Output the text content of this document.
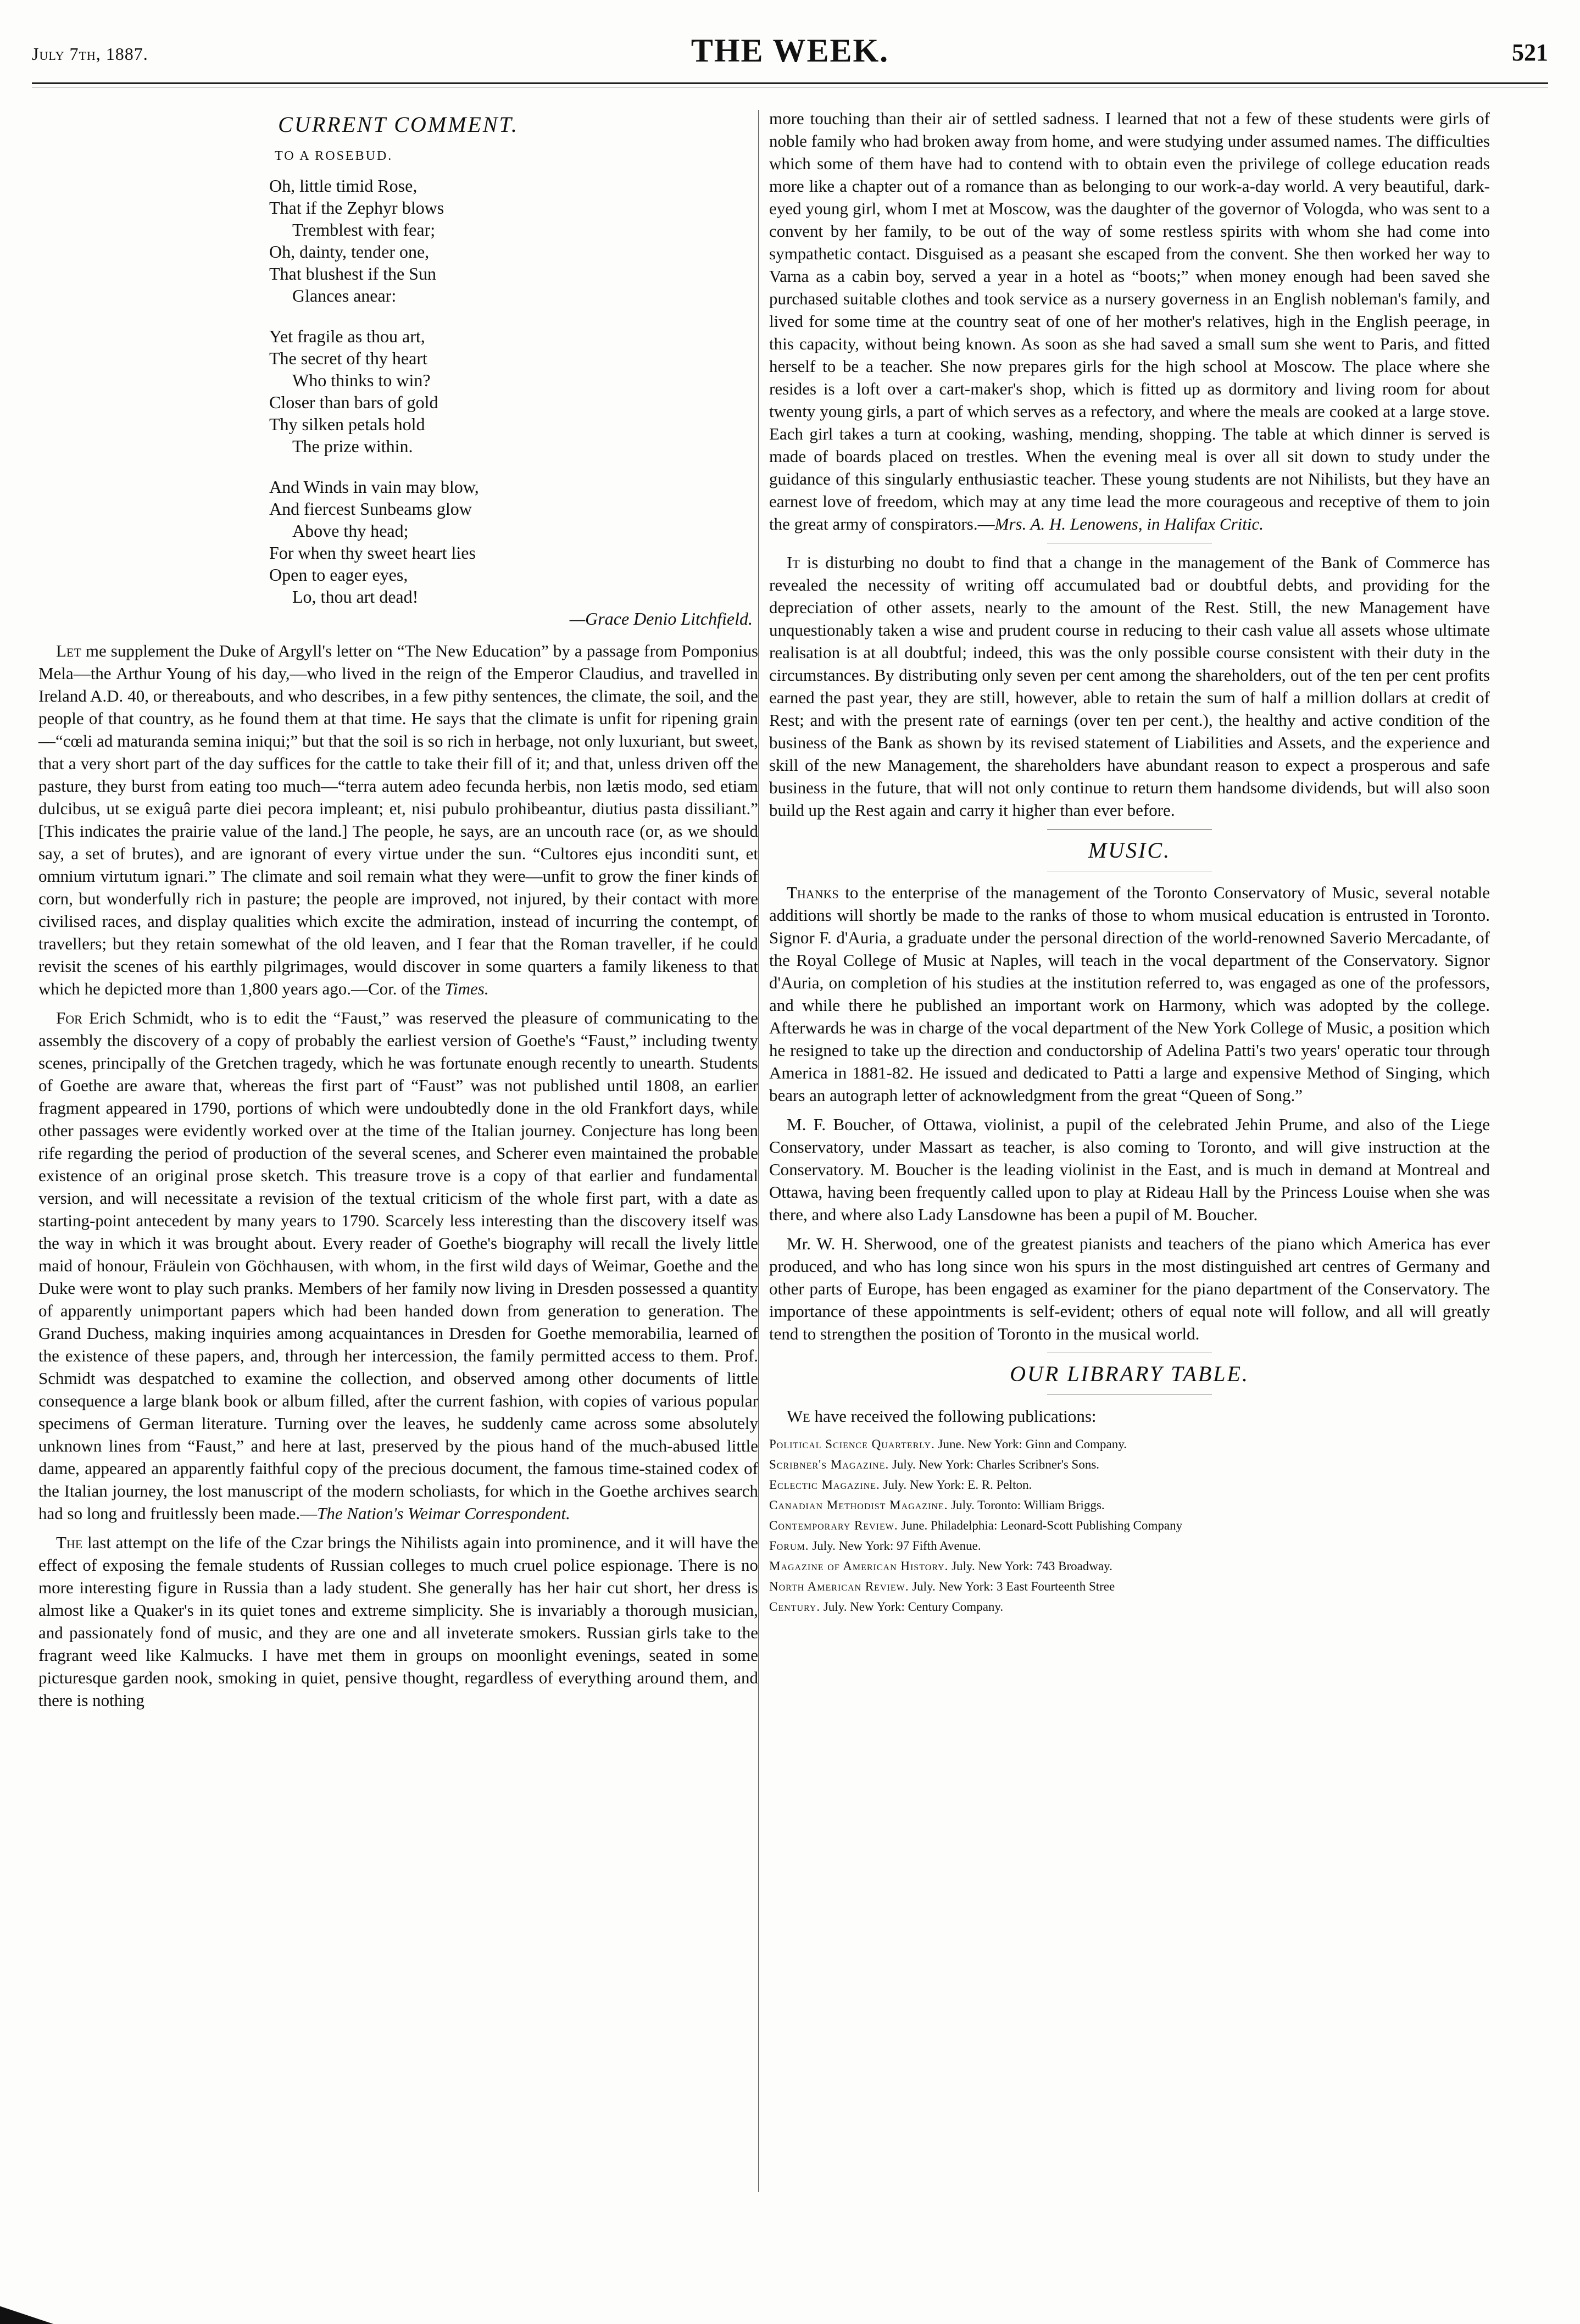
July 7th, 1887.	THE WEEK.	521
CURRENT COMMENT.
TO A ROSEBUD.
Oh, little timid Rose,
That if the Zephyr blows
Tremblest with fear;
Oh, dainty, tender one,
That blushest if the Sun
Glances anear:
Yet fragile as thou art,
The secret of thy heart
Who thinks to win?
Closer than bars of gold
Thy silken petals hold
The prize within.
And Winds in vain may blow,
And fiercest Sunbeams glow
Above thy head;
For when thy sweet heart lies
Open to eager eyes,
Lo, thou art dead!
—Grace Denio Litchfield.

Let me supplement the Duke of Argyll's letter on “The New Education” by a passage from Pomponius Mela—the Arthur Young of his day,—who lived in the reign of the Emperor Claudius, and travelled in Ireland A.D. 40, or thereabouts, and who describes, in a few pithy sentences, the climate, the soil, and the people of that country, as he found them at that time. He says that the climate is unfit for ripening grain—“cœli ad maturanda semina iniqui;” but that the soil is so rich in herbage, not only luxuriant, but sweet, that a very short part of the day suffices for the cattle to take their fill of it; and that, unless driven off the pasture, they burst from eating too much—“terra autem adeo fecunda herbis, non lætis modo, sed etiam dulcibus, ut se exiguâ parte diei pecora impleant; et, nisi pubulo prohibeantur, diutius pasta dissiliant.” [This indicates the prairie value of the land.] The people, he says, are an uncouth race (or, as we should say, a set of brutes), and are ignorant of every virtue under the sun. “Cultores ejus inconditi sunt, et omnium virtutum ignari.” The climate and soil remain what they were—unfit to grow the finer kinds of corn, but wonderfully rich in pasture; the people are improved, not injured, by their contact with more civilised races, and display qualities which excite the admiration, instead of incurring the contempt, of travellers; but they retain somewhat of the old leaven, and I fear that the Roman traveller, if he could revisit the scenes of his earthly pilgrimages, would discover in some quarters a family likeness to that which he depicted more than 1,800 years ago.—Cor. of the Times.

For Erich Schmidt, who is to edit the “Faust,” was reserved the pleasure of communicating to the assembly the discovery of a copy of probably the earliest version of Goethe's “Faust,” including twenty scenes, principally of the Gretchen tragedy, which he was fortunate enough recently to unearth. Students of Goethe are aware that, whereas the first part of “Faust” was not published until 1808, an earlier fragment appeared in 1790, portions of which were undoubtedly done in the old Frankfort days, while other passages were evidently worked over at the time of the Italian journey. Conjecture has long been rife regarding the period of production of the several scenes, and Scherer even maintained the probable existence of an original prose sketch. This treasure trove is a copy of that earlier and fundamental version, and will necessitate a revision of the textual criticism of the whole first part, with a date as starting-point antecedent by many years to 1790. Scarcely less interesting than the discovery itself was the way in which it was brought about. Every reader of Goethe's biography will recall the lively little maid of honour, Fräulein von Göchhausen, with whom, in the first wild days of Weimar, Goethe and the Duke were wont to play such pranks. Members of her family now living in Dresden possessed a quantity of apparently unimportant papers which had been handed down from generation to generation. The Grand Duchess, making inquiries among acquaintances in Dresden for Goethe memorabilia, learned of the existence of these papers, and, through her intercession, the family permitted access to them. Prof. Schmidt was despatched to examine the collection, and observed among other documents of little consequence a large blank book or album filled, after the current fashion, with copies of various popular specimens of German literature. Turning over the leaves, he suddenly came across some absolutely unknown lines from “Faust,” and here at last, preserved by the pious hand of the much-abused little dame, appeared an apparently faithful copy of the precious document, the famous time-stained codex of the Italian journey, the lost manuscript of the modern scholiasts, for which in the Goethe archives search had so long and fruitlessly been made.—The Nation's Weimar Correspondent.

The last attempt on the life of the Czar brings the Nihilists again into prominence, and it will have the effect of exposing the female students of Russian colleges to much cruel police espionage. There is no more interesting figure in Russia than a lady student. She generally has her hair cut short, her dress is almost like a Quaker's in its quiet tones and extreme simplicity. She is invariably a thorough musician, and passionately fond of music, and they are one and all inveterate smokers. Russian girls take to the fragrant weed like Kalmucks. I have met them in groups on moonlight evenings, seated in some picturesque garden nook, smoking in quiet, pensive thought, regardless of everything around them, and there is nothing

more touching than their air of settled sadness. I learned that not a few of these students were girls of noble family who had broken away from home, and were studying under assumed names. The difficulties which some of them have had to contend with to obtain even the privilege of college education reads more like a chapter out of a romance than as belonging to our work-a-day world. A very beautiful, dark-eyed young girl, whom I met at Moscow, was the daughter of the governor of Vologda, who was sent to a convent by her family, to be out of the way of some restless spirits with whom she had come into sympathetic contact. Disguised as a peasant she escaped from the convent. She then worked her way to Varna as a cabin boy, served a year in a hotel as “boots;” when money enough had been saved she purchased suitable clothes and took service as a nursery governess in an English nobleman's family, and lived for some time at the country seat of one of her mother's relatives, high in the English peerage, in this capacity, without being known. As soon as she had saved a small sum she went to Paris, and fitted herself to be a teacher. She now prepares girls for the high school at Moscow. The place where she resides is a loft over a cart-maker's shop, which is fitted up as dormitory and living room for about twenty young girls, a part of which serves as a refectory, and where the meals are cooked at a large stove. Each girl takes a turn at cooking, washing, mending, shopping. The table at which dinner is served is made of boards placed on trestles. When the evening meal is over all sit down to study under the guidance of this singularly enthusiastic teacher. These young students are not Nihilists, but they have an earnest love of freedom, which may at any time lead the more courageous and receptive of them to join the great army of conspirators.—Mrs. A. H. Lenowens, in Halifax Critic.

It is disturbing no doubt to find that a change in the management of the Bank of Commerce has revealed the necessity of writing off accumulated bad or doubtful debts, and providing for the depreciation of other assets, nearly to the amount of the Rest. Still, the new Management have unquestionably taken a wise and prudent course in reducing to their cash value all assets whose ultimate realisation is at all doubtful; indeed, this was the only possible course consistent with their duty in the circumstances. By distributing only seven per cent among the shareholders, out of the ten per cent profits earned the past year, they are still, however, able to retain the sum of half a million dollars at credit of Rest; and with the present rate of earnings (over ten per cent.), the healthy and active condition of the business of the Bank as shown by its revised statement of Liabilities and Assets, and the experience and skill of the new Management, the shareholders have abundant reason to expect a prosperous and safe business in the future, that will not only continue to return them handsome dividends, but will also soon build up the Rest again and carry it higher than ever before.

MUSIC.

Thanks to the enterprise of the management of the Toronto Conservatory of Music, several notable additions will shortly be made to the ranks of those to whom musical education is entrusted in Toronto. Signor F. d'Auria, a graduate under the personal direction of the world-renowned Saverio Mercadante, of the Royal College of Music at Naples, will teach in the vocal department of the Conservatory. Signor d'Auria, on completion of his studies at the institution referred to, was engaged as one of the professors, and while there he published an important work on Harmony, which was adopted by the college. Afterwards he was in charge of the vocal department of the New York College of Music, a position which he resigned to take up the direction and conductorship of Adelina Patti's two years' operatic tour through America in 1881-82. He issued and dedicated to Patti a large and expensive Method of Singing, which bears an autograph letter of acknowledgment from the great “Queen of Song.”

M. F. Boucher, of Ottawa, violinist, a pupil of the celebrated Jehin Prume, and also of the Liege Conservatory, under Massart as teacher, is also coming to Toronto, and will give instruction at the Conservatory. M. Boucher is the leading violinist in the East, and is much in demand at Montreal and Ottawa, having been frequently called upon to play at Rideau Hall by the Princess Louise when she was there, and where also Lady Lansdowne has been a pupil of M. Boucher.

Mr. W. H. Sherwood, one of the greatest pianists and teachers of the piano which America has ever produced, and who has long since won his spurs in the most distinguished art centres of Germany and other parts of Europe, has been engaged as examiner for the piano department of the Conservatory. The importance of these appointments is self-evident; others of equal note will follow, and all will greatly tend to strengthen the position of Toronto in the musical world.

OUR LIBRARY TABLE.

We have received the following publications:

Political Science Quarterly. June. New York: Ginn and Company.
Scribner's Magazine. July. New York: Charles Scribner's Sons.
Eclectic Magazine. July. New York: E. R. Pelton.
Canadian Methodist Magazine. July. Toronto: William Briggs.
Contemporary Review. June. Philadelphia: Leonard-Scott Publishing Company
Forum. July. New York: 97 Fifth Avenue.
Magazine of American History. July. New York: 743 Broadway.
North American Review. July. New York: 3 East Fourteenth Stree
Century. July. New York: Century Company.
